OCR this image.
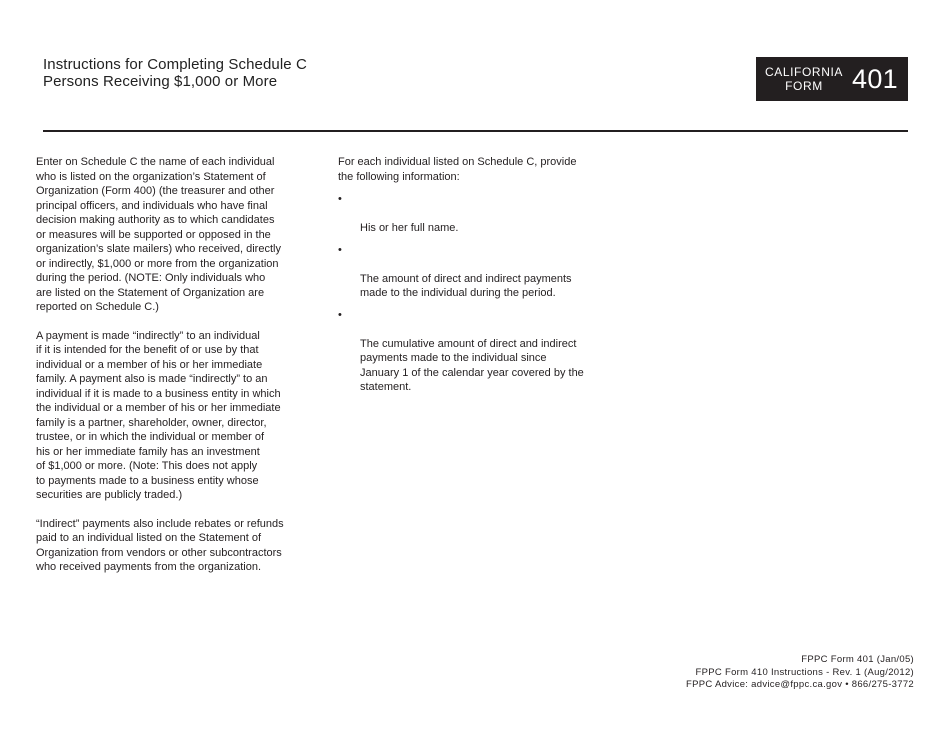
Instructions for Completing Schedule C
Persons Receiving $1,000 or More
CALIFORNIA
FORM	401

Enter on Schedule C the name of each individual
who is listed on the organization’s Statement of
Organization (Form 400) (the treasurer and other
principal officers, and individuals who have final
decision making authority as to which candidates
or measures will be supported or opposed in the
organization’s slate mailers) who received, directly
or indirectly, $1,000 or more from the organization
during the period. (NOTE: Only individuals who
are listed on the Statement of Organization are
reported on Schedule C.)

A payment is made “indirectly” to an individual
if it is intended for the benefit of or use by that
individual or a member of his or her immediate
family. A payment also is made “indirectly” to an
individual if it is made to a business entity in which
the individual or a member of his or her immediate
family is a partner, shareholder, owner, director,
trustee, or in which the individual or member of
his or her immediate family has an investment
of $1,000 or more. (Note: This does not apply
to payments made to a business entity whose
securities are publicly traded.)

“Indirect” payments also include rebates or refunds
paid to an individual listed on the Statement of
Organization from vendors or other subcontractors
who received payments from the organization.

For each individual listed on Schedule C, provide
the following information:

•

His or her full name.

•

The amount of direct and indirect payments
made to the individual during the period.

•

The cumulative amount of direct and indirect
payments made to the individual since
January 1 of the calendar year covered by the
statement.

FPPC Form 401 (Jan/05)
FPPC Form 410 Instructions - Rev. 1 (Aug/2012)
FPPC Advice: advice@fppc.ca.gov • 866/275-3772
